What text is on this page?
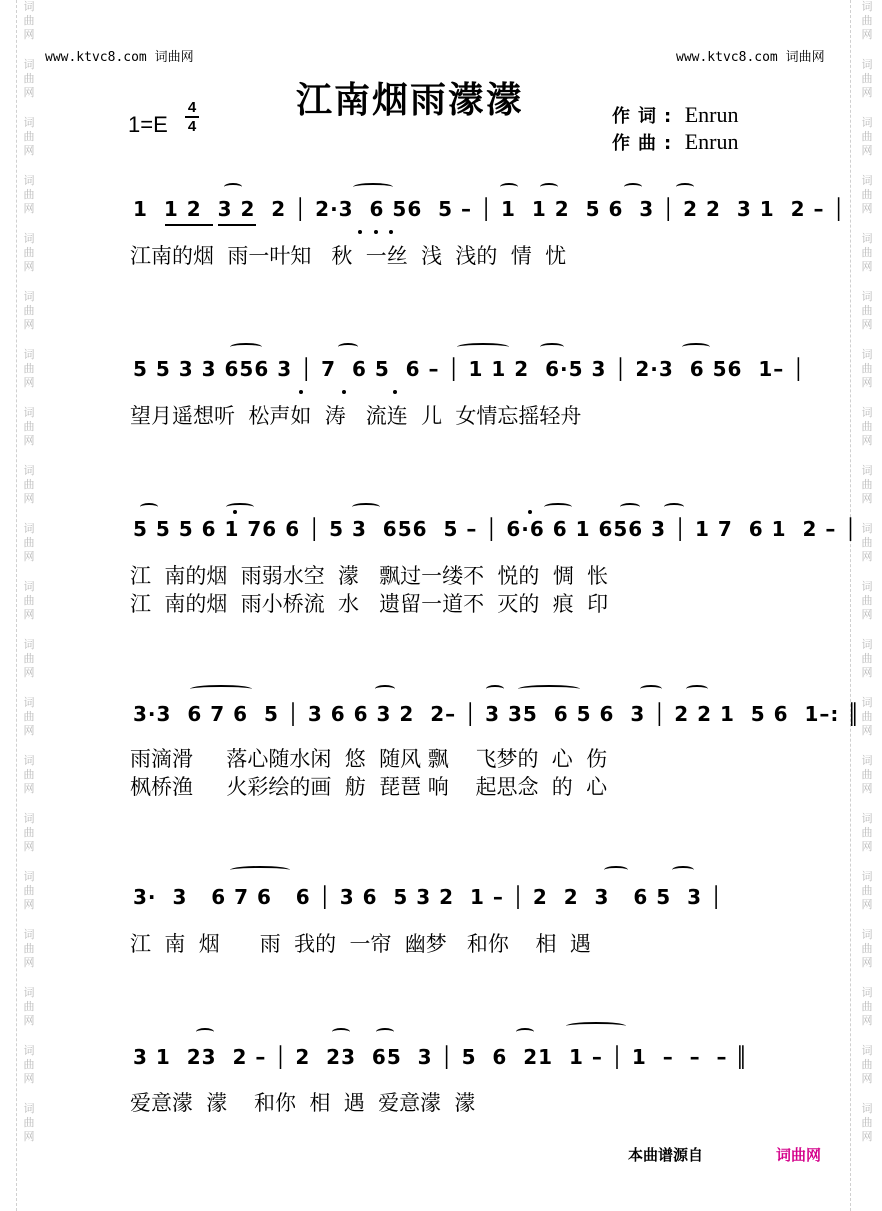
词曲网
词曲网
词曲网
词曲网
词曲网
词曲网
词曲网
词曲网
词曲网
词曲网
词曲网
词曲网
词曲网
词曲网
词曲网
词曲网
词曲网
词曲网
词曲网
词曲网
词曲网
词曲网
词曲网
词曲网
词曲网
词曲网
词曲网
词曲网
词曲网
词曲网
词曲网
词曲网
词曲网
词曲网
词曲网
词曲网
词曲网
词曲网
词曲网
词曲网
www.ktvc8.com 词曲网	www.ktvc8.com 词曲网
江南烟雨濛濛
1=E
4
4	作词: Enrun
作曲: Enrun
1  1 2  3 2  2 │ 2·3  6 56  5 – │ 1  1 2  5 6  3 │ 2 2  3 1  2 – │
江南的烟  雨一叶知   秋  一丝  浅  浅的  情  忧
5 5 3 3 656 3 │ 7  6 5  6 – │ 1 1 2  6·5 3 │ 2·3  6 56  1– │
望月遥想听  松声如  涛   流连  儿  女情忘摇轻舟
5 5 5 6 1 76 6 │ 5 3  656  5 – │ 6·6 6 1 656 3 │ 1 7  6 1  2 – │
江  南的烟  雨弱水空  濛   飘过一缕不  悦的  惆  怅
江  南的烟  雨小桥流  水   遗留一道不  灭的  痕  印
3·3  6 7 6  5 │ 3 6 6 3 2  2– │ 3 35  6 5 6  3 │ 2 2 1  5 6  1–: ║
雨滴滑     落心随水闲  悠  随风 飘    飞梦的  心  伤
枫桥渔     火彩绘的画  舫  琵琶 响    起思念  的  心
3·  3   6 7 6   6 │ 3 6  5 3 2  1 – │ 2  2  3   6 5  3 │
江  南  烟      雨  我的  一帘  幽梦   和你    相  遇
3 1  23  2 – │ 2  23  65  3 │ 5  6  21  1 – │ 1  –  –  – ║
爱意濛  濛    和你  相  遇  爱意濛  濛
本曲谱源自	词曲网
